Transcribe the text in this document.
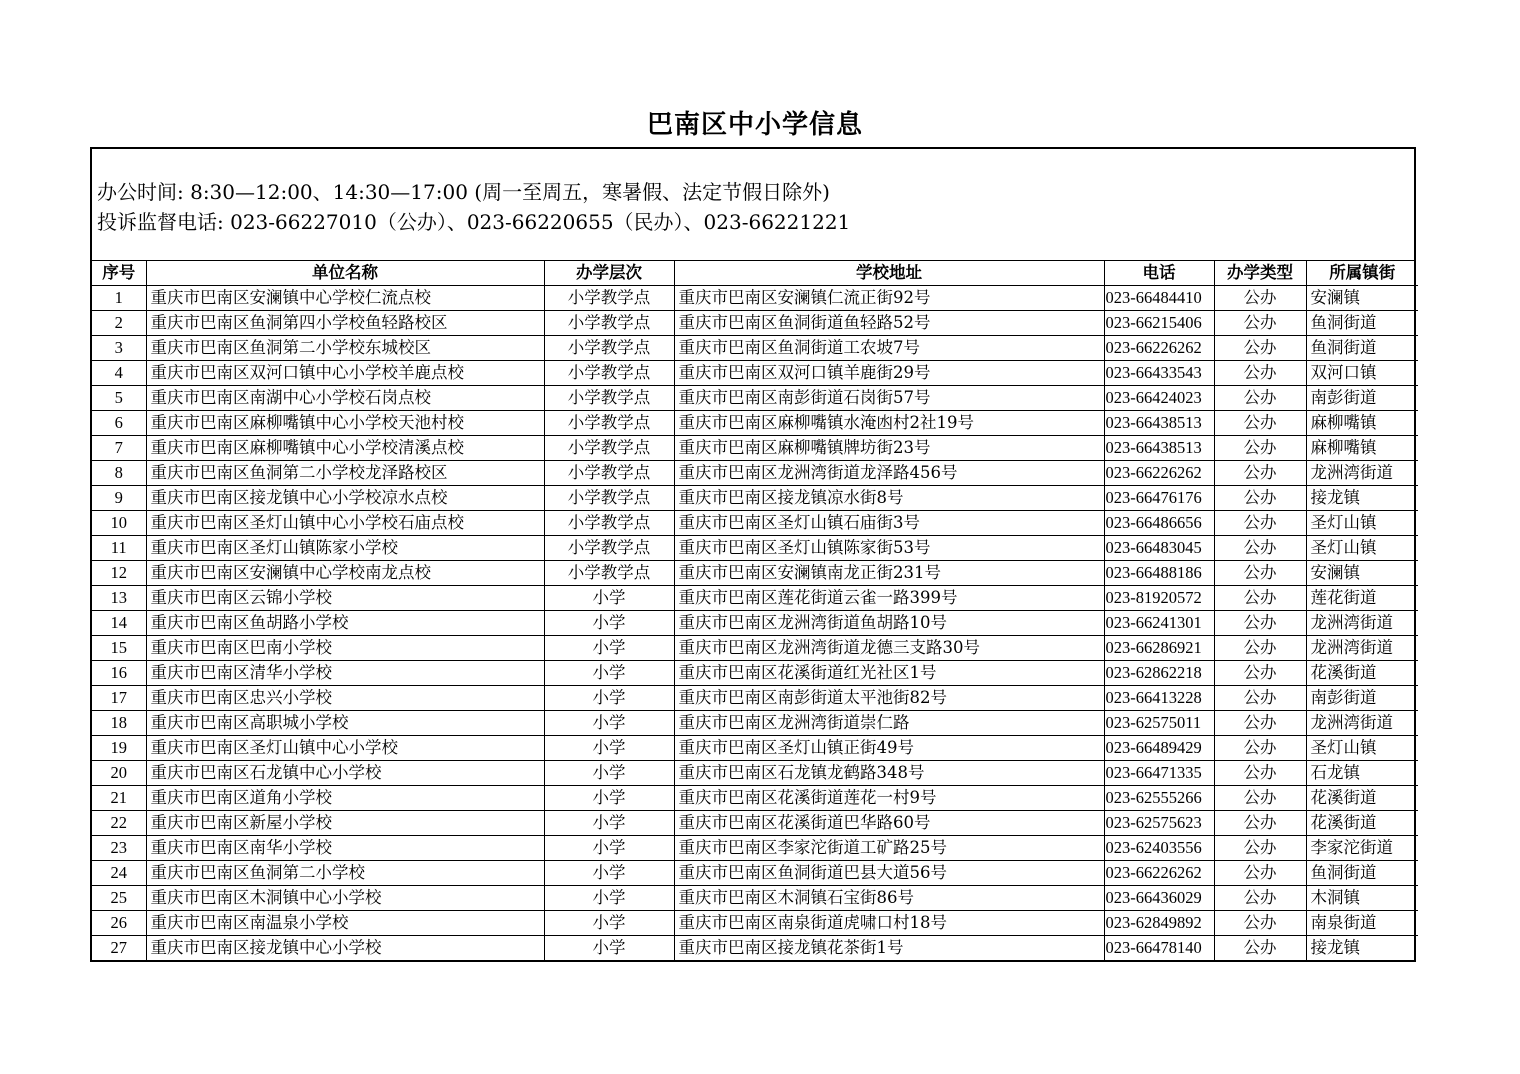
巴南区中小学信息
办公时间: 8:30—12:00、14:30—17:00 (周一至周五，寒暑假、法定节假日除外)
投诉监督电话: 023-66227010（公办）、023-66220655（民办）、023-66221221
序号	单位名称	办学层次	学校地址	电话	办学类型	所属镇街
1	重庆市巴南区安澜镇中心学校仁流点校	小学教学点	重庆市巴南区安澜镇仁流正街92号	023-66484410	公办	安澜镇
2	重庆市巴南区鱼洞第四小学校鱼轻路校区	小学教学点	重庆市巴南区鱼洞街道鱼轻路52号	023-66215406	公办	鱼洞街道
3	重庆市巴南区鱼洞第二小学校东城校区	小学教学点	重庆市巴南区鱼洞街道工农坡7号	023-66226262	公办	鱼洞街道
4	重庆市巴南区双河口镇中心小学校羊鹿点校	小学教学点	重庆市巴南区双河口镇羊鹿街29号	023-66433543	公办	双河口镇
5	重庆市巴南区南湖中心小学校石岗点校	小学教学点	重庆市巴南区南彭街道石岗街57号	023-66424023	公办	南彭街道
6	重庆市巴南区麻柳嘴镇中心小学校天池村校	小学教学点	重庆市巴南区麻柳嘴镇水淹凼村2社19号	023-66438513	公办	麻柳嘴镇
7	重庆市巴南区麻柳嘴镇中心小学校清溪点校	小学教学点	重庆市巴南区麻柳嘴镇牌坊街23号	023-66438513	公办	麻柳嘴镇
8	重庆市巴南区鱼洞第二小学校龙泽路校区	小学教学点	重庆市巴南区龙洲湾街道龙泽路456号	023-66226262	公办	龙洲湾街道
9	重庆市巴南区接龙镇中心小学校凉水点校	小学教学点	重庆市巴南区接龙镇凉水街8号	023-66476176	公办	接龙镇
10	重庆市巴南区圣灯山镇中心小学校石庙点校	小学教学点	重庆市巴南区圣灯山镇石庙街3号	023-66486656	公办	圣灯山镇
11	重庆市巴南区圣灯山镇陈家小学校	小学教学点	重庆市巴南区圣灯山镇陈家街53号	023-66483045	公办	圣灯山镇
12	重庆市巴南区安澜镇中心学校南龙点校	小学教学点	重庆市巴南区安澜镇南龙正街231号	023-66488186	公办	安澜镇
13	重庆市巴南区云锦小学校	小学	重庆市巴南区莲花街道云雀一路399号	023-81920572	公办	莲花街道
14	重庆市巴南区鱼胡路小学校	小学	重庆市巴南区龙洲湾街道鱼胡路10号	023-66241301	公办	龙洲湾街道
15	重庆市巴南区巴南小学校	小学	重庆市巴南区龙洲湾街道龙德三支路30号	023-66286921	公办	龙洲湾街道
16	重庆市巴南区清华小学校	小学	重庆市巴南区花溪街道红光社区1号	023-62862218	公办	花溪街道
17	重庆市巴南区忠兴小学校	小学	重庆市巴南区南彭街道太平池街82号	023-66413228	公办	南彭街道
18	重庆市巴南区高职城小学校	小学	重庆市巴南区龙洲湾街道崇仁路	023-62575011	公办	龙洲湾街道
19	重庆市巴南区圣灯山镇中心小学校	小学	重庆市巴南区圣灯山镇正街49号	023-66489429	公办	圣灯山镇
20	重庆市巴南区石龙镇中心小学校	小学	重庆市巴南区石龙镇龙鹤路348号	023-66471335	公办	石龙镇
21	重庆市巴南区道角小学校	小学	重庆市巴南区花溪街道莲花一村9号	023-62555266	公办	花溪街道
22	重庆市巴南区新屋小学校	小学	重庆市巴南区花溪街道巴华路60号	023-62575623	公办	花溪街道
23	重庆市巴南区南华小学校	小学	重庆市巴南区李家沱街道工矿路25号	023-62403556	公办	李家沱街道
24	重庆市巴南区鱼洞第二小学校	小学	重庆市巴南区鱼洞街道巴县大道56号	023-66226262	公办	鱼洞街道
25	重庆市巴南区木洞镇中心小学校	小学	重庆市巴南区木洞镇石宝街86号	023-66436029	公办	木洞镇
26	重庆市巴南区南温泉小学校	小学	重庆市巴南区南泉街道虎啸口村18号	023-62849892	公办	南泉街道
27	重庆市巴南区接龙镇中心小学校	小学	重庆市巴南区接龙镇花茶街1号	023-66478140	公办	接龙镇
